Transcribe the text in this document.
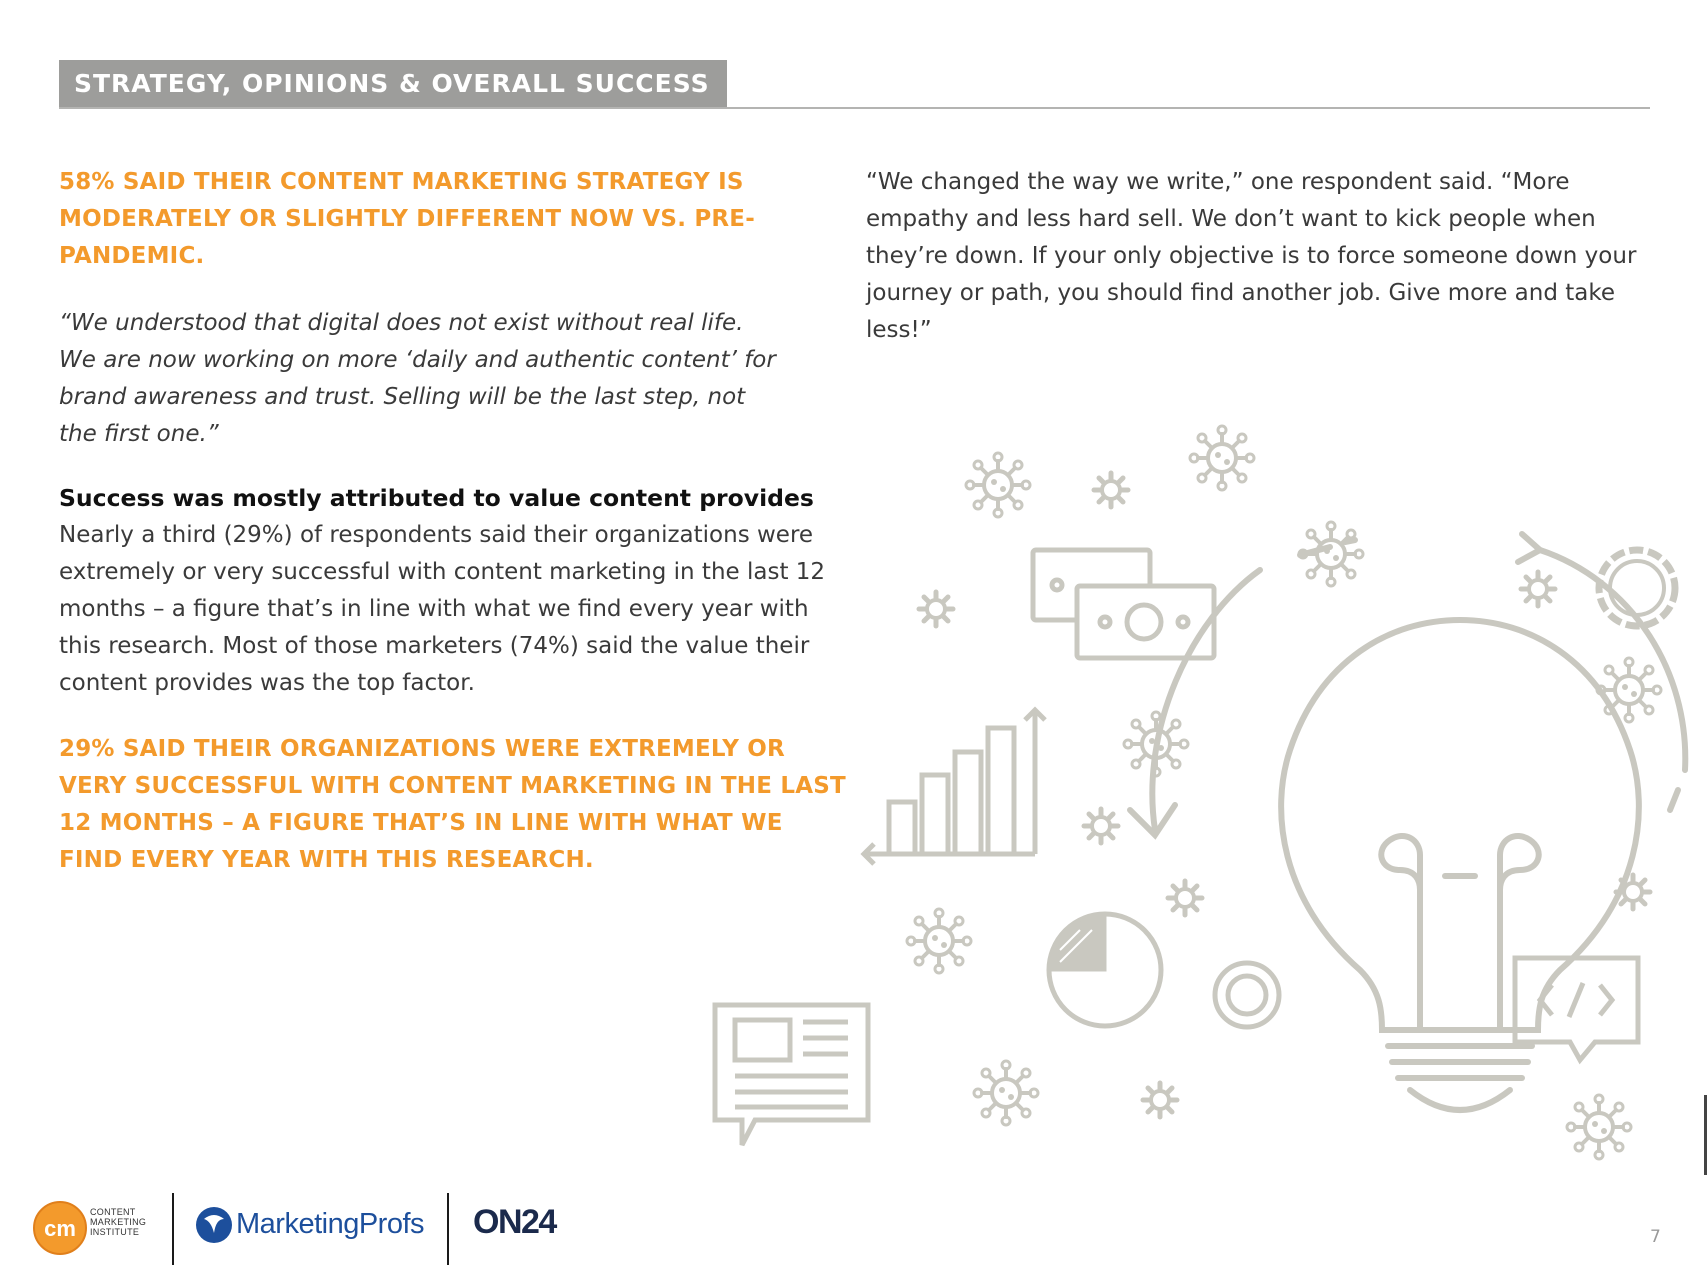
STRATEGY, OPINIONS & OVERALL SUCCESS

58% SAID THEIR CONTENT MARKETING STRATEGY IS MODERATELY OR SLIGHTLY DIFFERENT NOW VS. PRE-PANDEMIC.

“We understood that digital does not exist without real life.
We are now working on more ‘daily and authentic content’ for
brand awareness and trust. Selling will be the last step, not
the first one.”

Success was mostly attributed to value content provides

Nearly a third (29%) of respondents said their organizations were extremely or very successful with content marketing in the last 12 months – a figure that’s in line with what we find every year with this research. Most of those marketers (74%) said the value their content provides was the top factor.

29% SAID THEIR ORGANIZATIONS WERE EXTREMELY OR VERY SUCCESSFUL WITH CONTENT MARKETING IN THE LAST 12 MONTHS – A FIGURE THAT’S IN LINE WITH WHAT WE FIND EVERY YEAR WITH THIS RESEARCH.

“We changed the way we write,” one respondent said. “More empathy and less hard sell. We don’t want to kick people when they’re down. If your only objective is to force someone down your journey or path, you should find another job. Give more and take less!”

cm
CONTENT
MARKETING
INSTITUTE	MarketingProfs ON24	7
